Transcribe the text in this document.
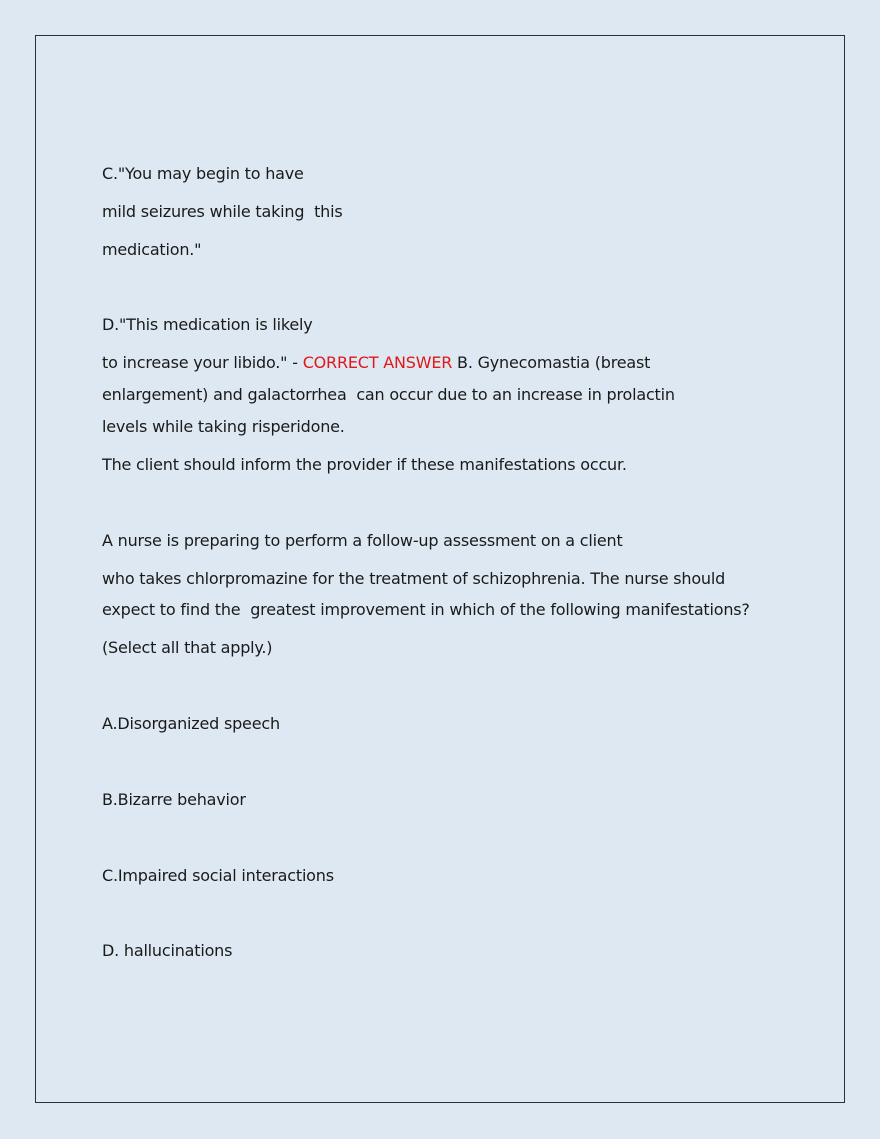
C."You may begin to have
mild seizures while taking  this
medication."
D."This medication is likely
to increase your libido." - CORRECT ANSWER B. Gynecomastia (breast
enlargement) and galactorrhea  can occur due to an increase in prolactin
levels while taking risperidone.
The client should inform the provider if these manifestations occur.
A nurse is preparing to perform a follow-up assessment on a client
who takes chlorpromazine for the treatment of schizophrenia. The nurse should
expect to find the  greatest improvement in which of the following manifestations?
(Select all that apply.)
A.Disorganized speech
B.Bizarre behavior
C.Impaired social interactions
D. hallucinations
